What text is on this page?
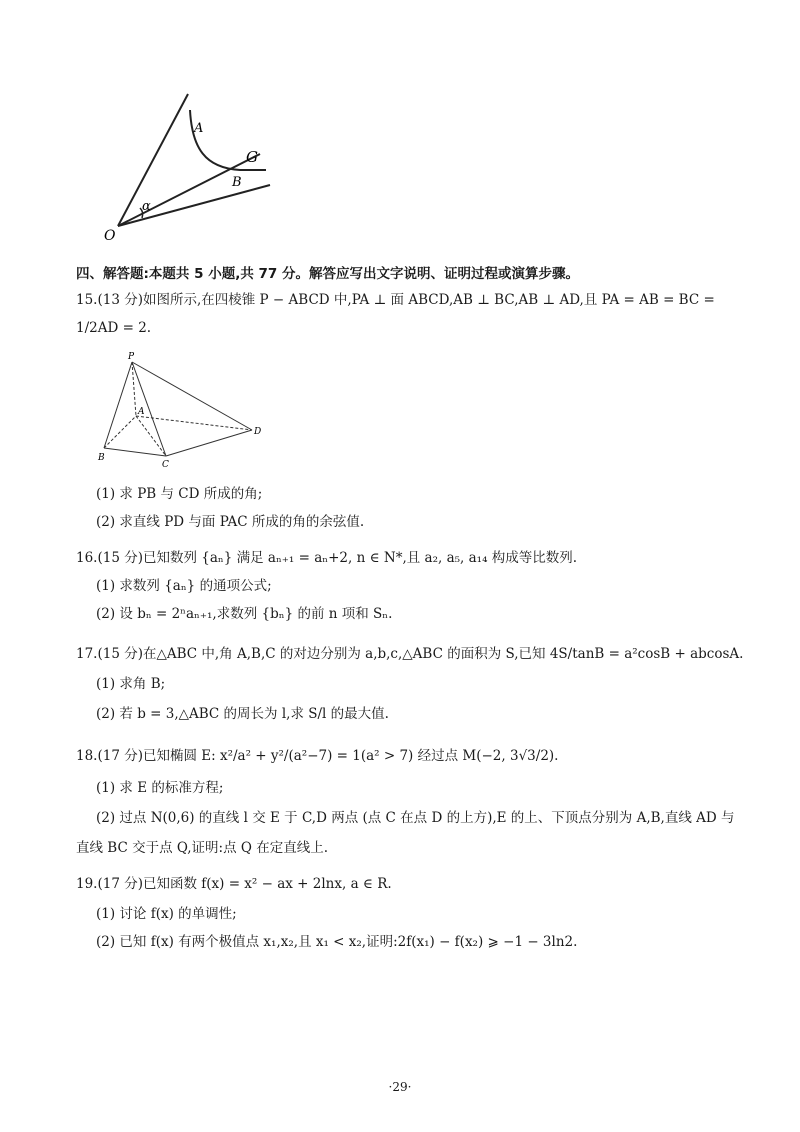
A
G
B
α
O
四、解答题:本题共 5 小题,共 77 分。解答应写出文字说明、证明过程或演算步骤。
15.(13 分)如图所示,在四棱锥 P − ABCD 中,PA ⊥ 面 ABCD,AB ⊥ BC,AB ⊥ AD,且 PA = AB = BC =
1/2AD = 2.
P
A
B
C
D
(1) 求 PB 与 CD 所成的角;
(2) 求直线 PD 与面 PAC 所成的角的余弦值.
16.(15 分)已知数列 {aₙ} 满足 aₙ₊₁ = aₙ+2, n ∈ N*,且 a₂, a₅, a₁₄ 构成等比数列.
(1) 求数列 {aₙ} 的通项公式;
(2) 设 bₙ = 2ⁿaₙ₊₁,求数列 {bₙ} 的前 n 项和 Sₙ.
17.(15 分)在△ABC 中,角 A,B,C 的对边分别为 a,b,c,△ABC 的面积为 S,已知 4S/tanB = a²cosB + abcosA.
(1) 求角 B;
(2) 若 b = 3,△ABC 的周长为 l,求 S/l 的最大值.
18.(17 分)已知椭圆 E: x²/a² + y²/(a²−7) = 1(a² > 7) 经过点 M(−2, 3√3/2).
(1) 求 E 的标准方程;
(2) 过点 N(0,6) 的直线 l 交 E 于 C,D 两点 (点 C 在点 D 的上方),E 的上、下顶点分别为 A,B,直线 AD 与
直线 BC 交于点 Q,证明:点 Q 在定直线上.
19.(17 分)已知函数 f(x) = x² − ax + 2lnx, a ∈ R.
(1) 讨论 f(x) 的单调性;
(2) 已知 f(x) 有两个极值点 x₁,x₂,且 x₁ < x₂,证明:2f(x₁) − f(x₂) ⩾ −1 − 3ln2.
·29·
